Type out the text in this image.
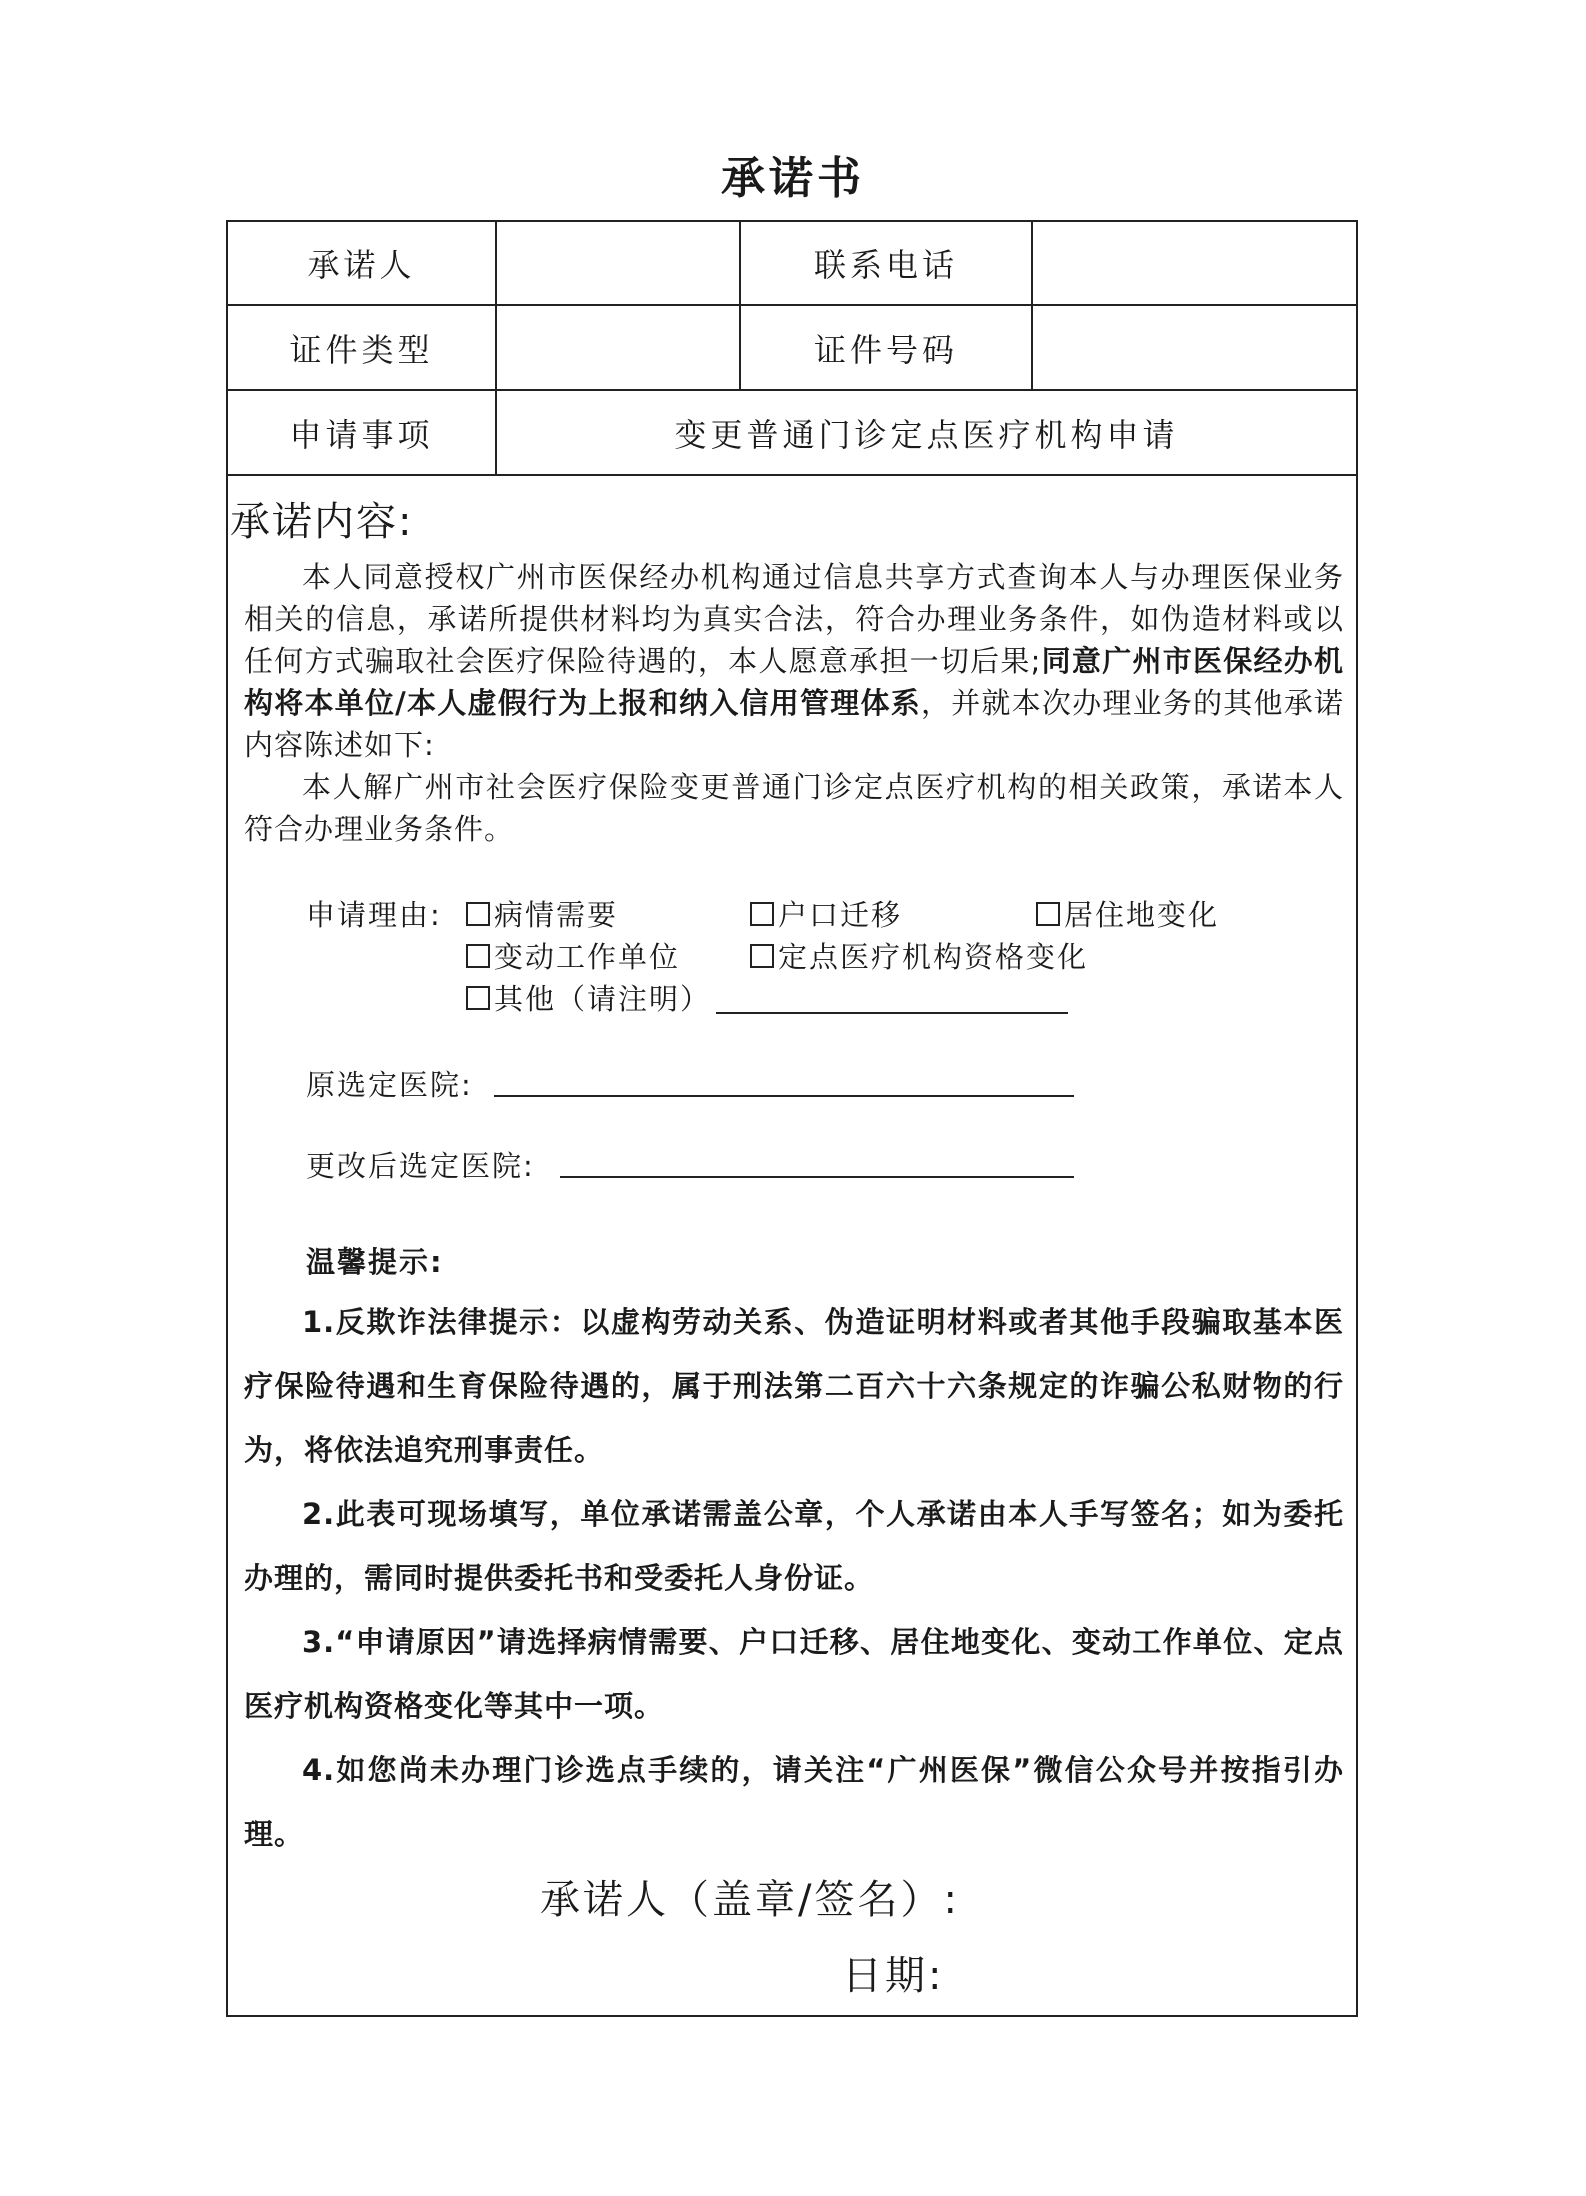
承诺书
承诺人	联系电话
证件类型	证件号码
申请事项	变更普通门诊定点医疗机构申请
承诺内容:
本人同意授权广州市医保经办机构通过信息共享方式查询本人与办理医保业务相关的信息，承诺所提供材料均为真实合法，符合办理业务条件，如伪造材料或以任何方式骗取社会医疗保险待遇的，本人愿意承担一切后果;同意广州市医保经办机构将本单位/本人虚假行为上报和纳入信用管理体系，并就本次办理业务的其他承诺内容陈述如下:
本人解广州市社会医疗保险变更普通门诊定点医疗机构的相关政策，承诺本人符合办理业务条件。
申请理由:	病情需要	户口迁移	居住地变化
变动工作单位	定点医疗机构资格变化
其他（请注明）
原选定医院:
更改后选定医院:
温馨提示:
1.反欺诈法律提示：以虚构劳动关系、伪造证明材料或者其他手段骗取基本医疗保险待遇和生育保险待遇的，属于刑法第二百六十六条规定的诈骗公私财物的行为，将依法追究刑事责任。
2.此表可现场填写，单位承诺需盖公章，个人承诺由本人手写签名；如为委托办理的，需同时提供委托书和受委托人身份证。
3.“申请原因”请选择病情需要、户口迁移、居住地变化、变动工作单位、定点医疗机构资格变化等其中一项。
4.如您尚未办理门诊选点手续的，请关注“广州医保”微信公众号并按指引办理。
承诺人（盖章/签名）:
日期:
